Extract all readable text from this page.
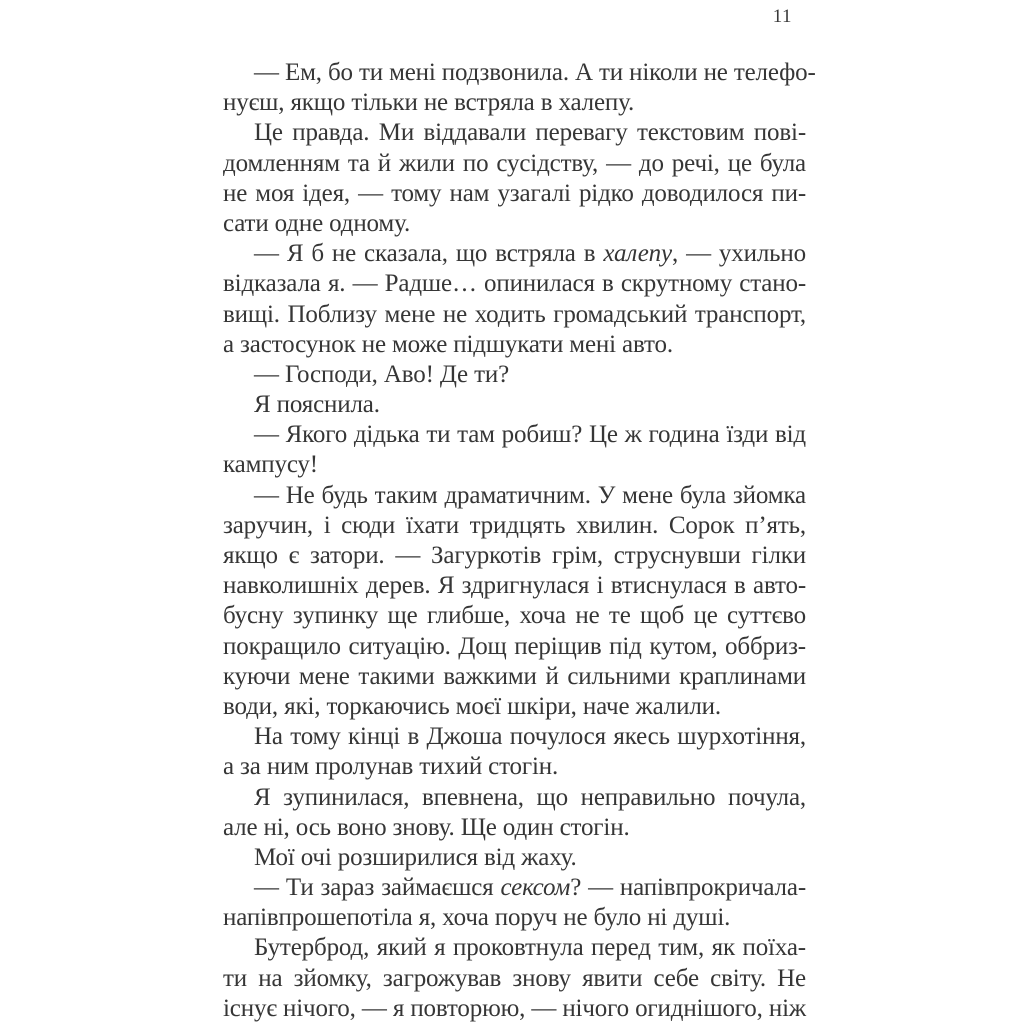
11
— Ем, бо ти мені подзвонила. А ти ніколи не телефо-
нуєш, якщо тільки не встряла в халепу.
Це правда. Ми віддавали перевагу текстовим пові-
домленням та й жили по сусідству, — до речі, це була
не моя ідея, — тому нам узагалі рідко доводилося пи-
сати одне одному.
— Я б не сказала, що встряла в халепу, — ухильно
відказала я. — Радше… опинилася в скрутному стано-
вищі. Поблизу мене не ходить громадський транспорт,
а застосунок не може підшукати мені авто.
— Господи, Аво! Де ти?
Я пояснила.
— Якого дідька ти там робиш? Це ж година їзди від
кампусу!
— Не будь таким драматичним. У мене була зйомка
заручин, і сюди їхати тридцять хвилин. Сорок п’ять,
якщо є затори. — Загуркотів грім, струснувши гілки
навколишніх дерев. Я здригнулася і втиснулася в авто-
бусну зупинку ще глибше, хоча не те щоб це суттєво
покращило ситуацію. Дощ періщив під кутом, оббриз-
куючи мене такими важкими й сильними краплинами
води, які, торкаючись моєї шкіри, наче жалили.
На тому кінці в Джоша почулося якесь шурхотіння,
а за ним пролунав тихий стогін.
Я зупинилася, впевнена, що неправильно почула,
але ні, ось воно знову. Ще один стогін.
Мої очі розширилися від жаху.
— Ти зараз займаєшся сексом? — напівпрокричала-
напівпрошепотіла я, хоча поруч не було ні душі.
Бутерброд, який я проковтнула перед тим, як поїха-
ти на зйомку, загрожував знову явити себе світу. Не
існує нічого, — я повторюю, — нічого огиднішого, ніж
